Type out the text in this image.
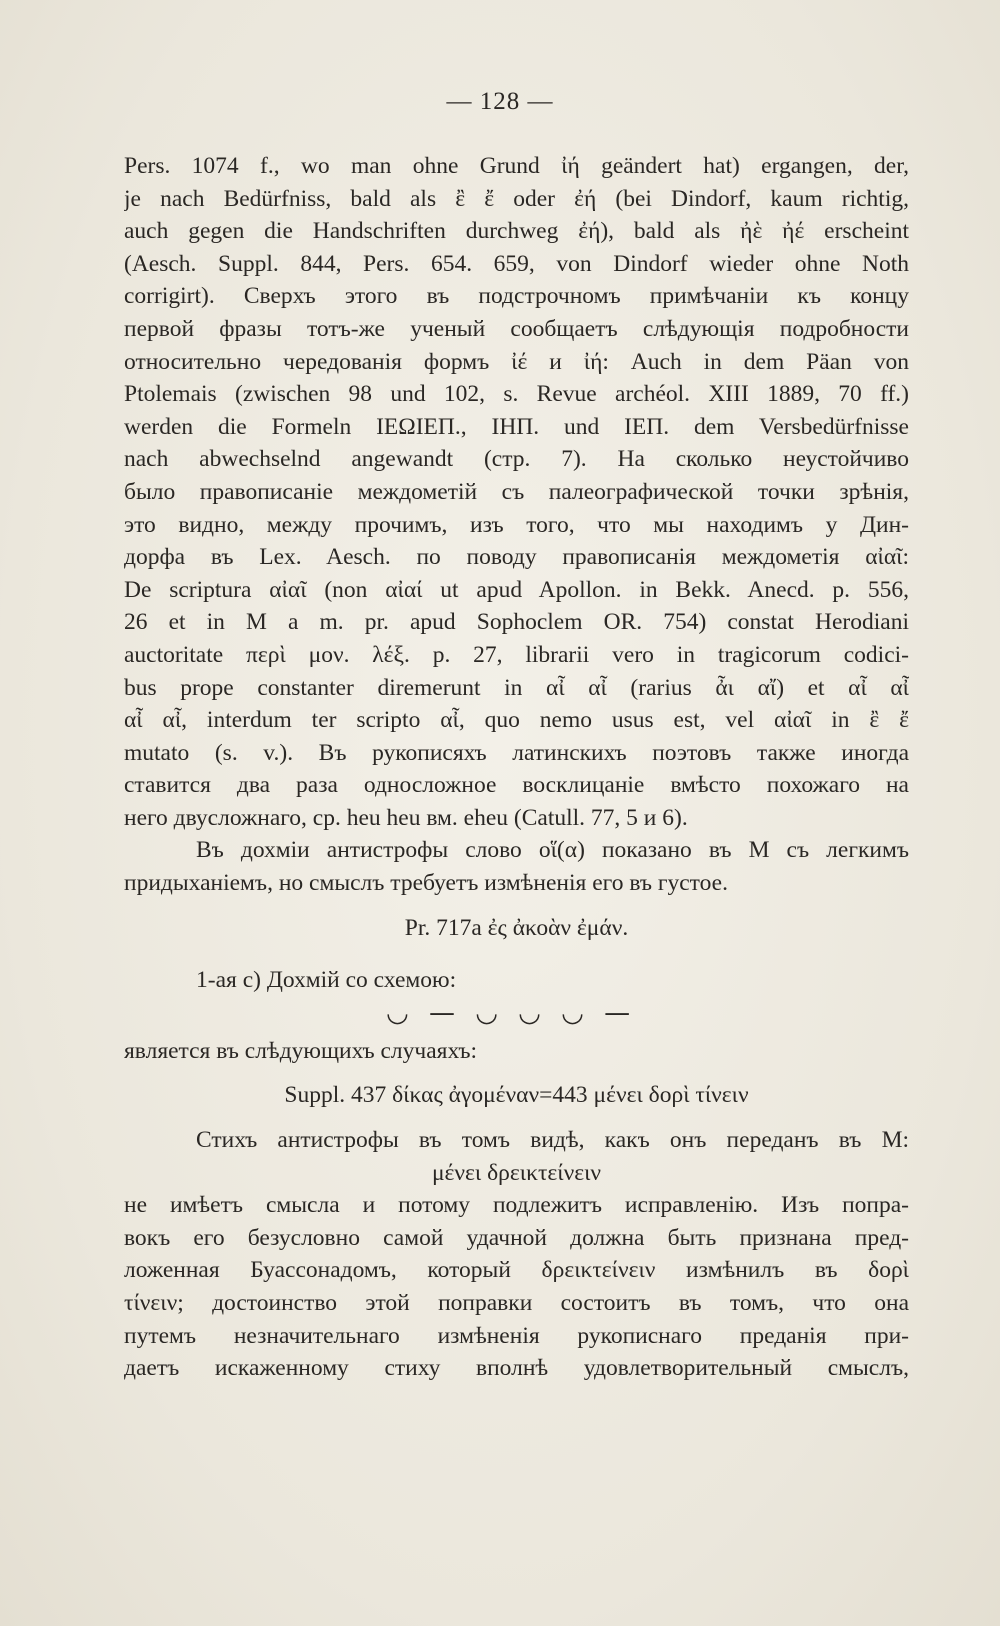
— 128 —
Pers. 1074 f., wo man ohne Grund ἰή geändert hat) ergangen, der,
je nach Bedürfniss, bald als ἒ ἔ oder ἐή (bei Dindorf, kaum richtig,
auch gegen die Handschriften durchweg ἐή), bald als ἠὲ ἠέ erscheint
(Aesch. Suppl. 844, Pers. 654. 659, von Dindorf wieder ohne Noth
corrigirt). Сверхъ этого въ подстрочномъ примѣчаніи къ концу
первой фразы тотъ-же ученый сообщаетъ слѣдующія подробности
относительно чередованія формъ ἰέ и ἰή: Auch in dem Päan von
Ptolemais (zwischen 98 und 102, s. Revue archéol. XIII 1889, 70 ff.)
werden die Formeln ΙΕΩΙΕΠ., ΙΗΠ. und ΙΕΠ. dem Versbedürfnisse
nach abwechselnd angewandt (стр. 7). На сколько неустойчиво
было правописаніе междометій съ палеографической точки зрѣнія,
это видно, между прочимъ, изъ того, что мы находимъ у Дин-
дорфа въ Lex. Aesch. по поводу правописанія междометія αἰαῖ:
De scriptura αἰαῖ (non αἰαί ut apud Apollon. in Bekk. Anecd. p. 556,
26 et in M a m. pr. apud Sophoclem OR. 754) constat Herodiani
auctoritate περὶ μον. λέξ. p. 27, librarii vero in tragicorum codici-
bus prope constanter diremerunt in αἶ αἶ (rarius ἆι αἴ) et αἶ αἶ
αἶ αἶ, interdum ter scripto αἶ, quo nemo usus est, vel αἰαῖ in ἒ ἔ
mutato (s. v.). Въ рукописяхъ латинскихъ поэтовъ также иногда
ставится два раза односложное восклицаніе вмѣсто похожаго на
него двусложнаго, ср. heu heu вм. eheu (Catull. 77, 5 и 6).
Въ дохміи антистрофы слово οἵ(α) показано въ M съ легкимъ
придыханіемъ, но смыслъ требуетъ измѣненія его въ густое.
Pr. 717a ἐς ἀκοὰν ἐμάν.
1-ая c) Дохмій со схемою:
◡ — ◡ ◡ ◡ —
является въ слѣдующихъ случаяхъ:
Suppl. 437 δίκας ἀγομέναν=443 μένει δορὶ τίνειν
Стихъ антистрофы въ томъ видѣ, какъ онъ переданъ въ M:
μένει δρεικτείνειν
не имѣетъ смысла и потому подлежитъ исправленію. Изъ попра-
вокъ его безусловно самой удачной должна быть признана пред-
ложенная Буассонадомъ, который δρεικτείνειν измѣнилъ въ δορὶ
τίνειν; достоинство этой поправки состоитъ въ томъ, что она
путемъ незначительнаго измѣненія рукописнаго преданія при-
даетъ искаженному стиху вполнѣ удовлетворительный смыслъ,
